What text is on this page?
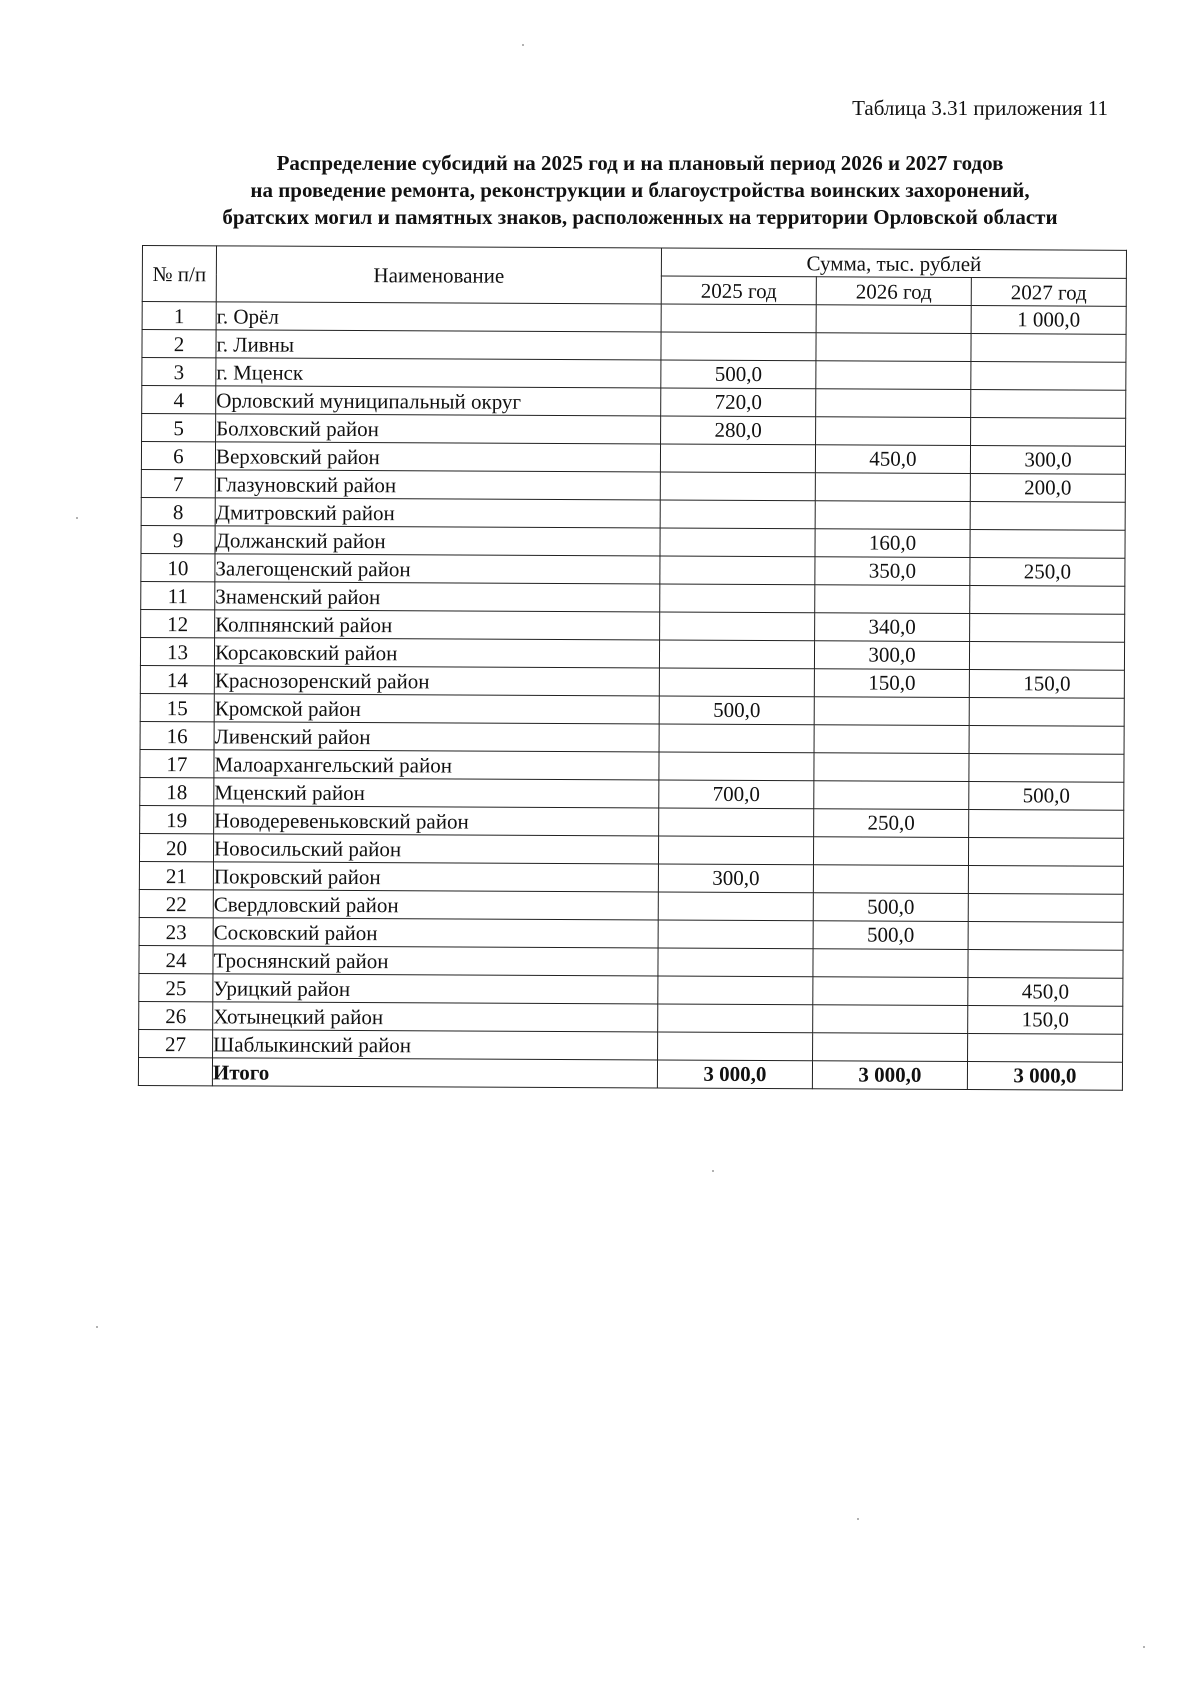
Таблица 3.31 приложения 11
Распределение субсидий на 2025 год и на плановый период 2026 и 2027 годов
на проведение ремонта, реконструкции и благоустройства воинских захоронений,
братских могил и памятных знаков, расположенных на территории Орловской области
№ п/п	Наименование	Сумма, тыс. рублей		
		2025 год	2026 год	2027 год
1	г. Орёл			1 000,0
2	г. Ливны			
3	г. Мценск	500,0		
4	Орловский муниципальный округ	720,0		
5	Болховский район	280,0		
6	Верховский район		450,0	300,0
7	Глазуновский район			200,0
8	Дмитровский район			
9	Должанский район		160,0	
10	Залегощенский район		350,0	250,0
11	Знаменский район			
12	Колпнянский район		340,0	
13	Корсаковский район		300,0	
14	Краснозоренский район		150,0	150,0
15	Кромской район	500,0		
16	Ливенский район			
17	Малоархангельский район			
18	Мценский район	700,0		500,0
19	Новодеревеньковский район		250,0	
20	Новосильский район			
21	Покровский район	300,0		
22	Свердловский район		500,0	
23	Сосковский район		500,0	
24	Троснянский район			
25	Урицкий район			450,0
26	Хотынецкий район			150,0
27	Шаблыкинский район			
	Итого	3 000,0	3 000,0	3 000,0
